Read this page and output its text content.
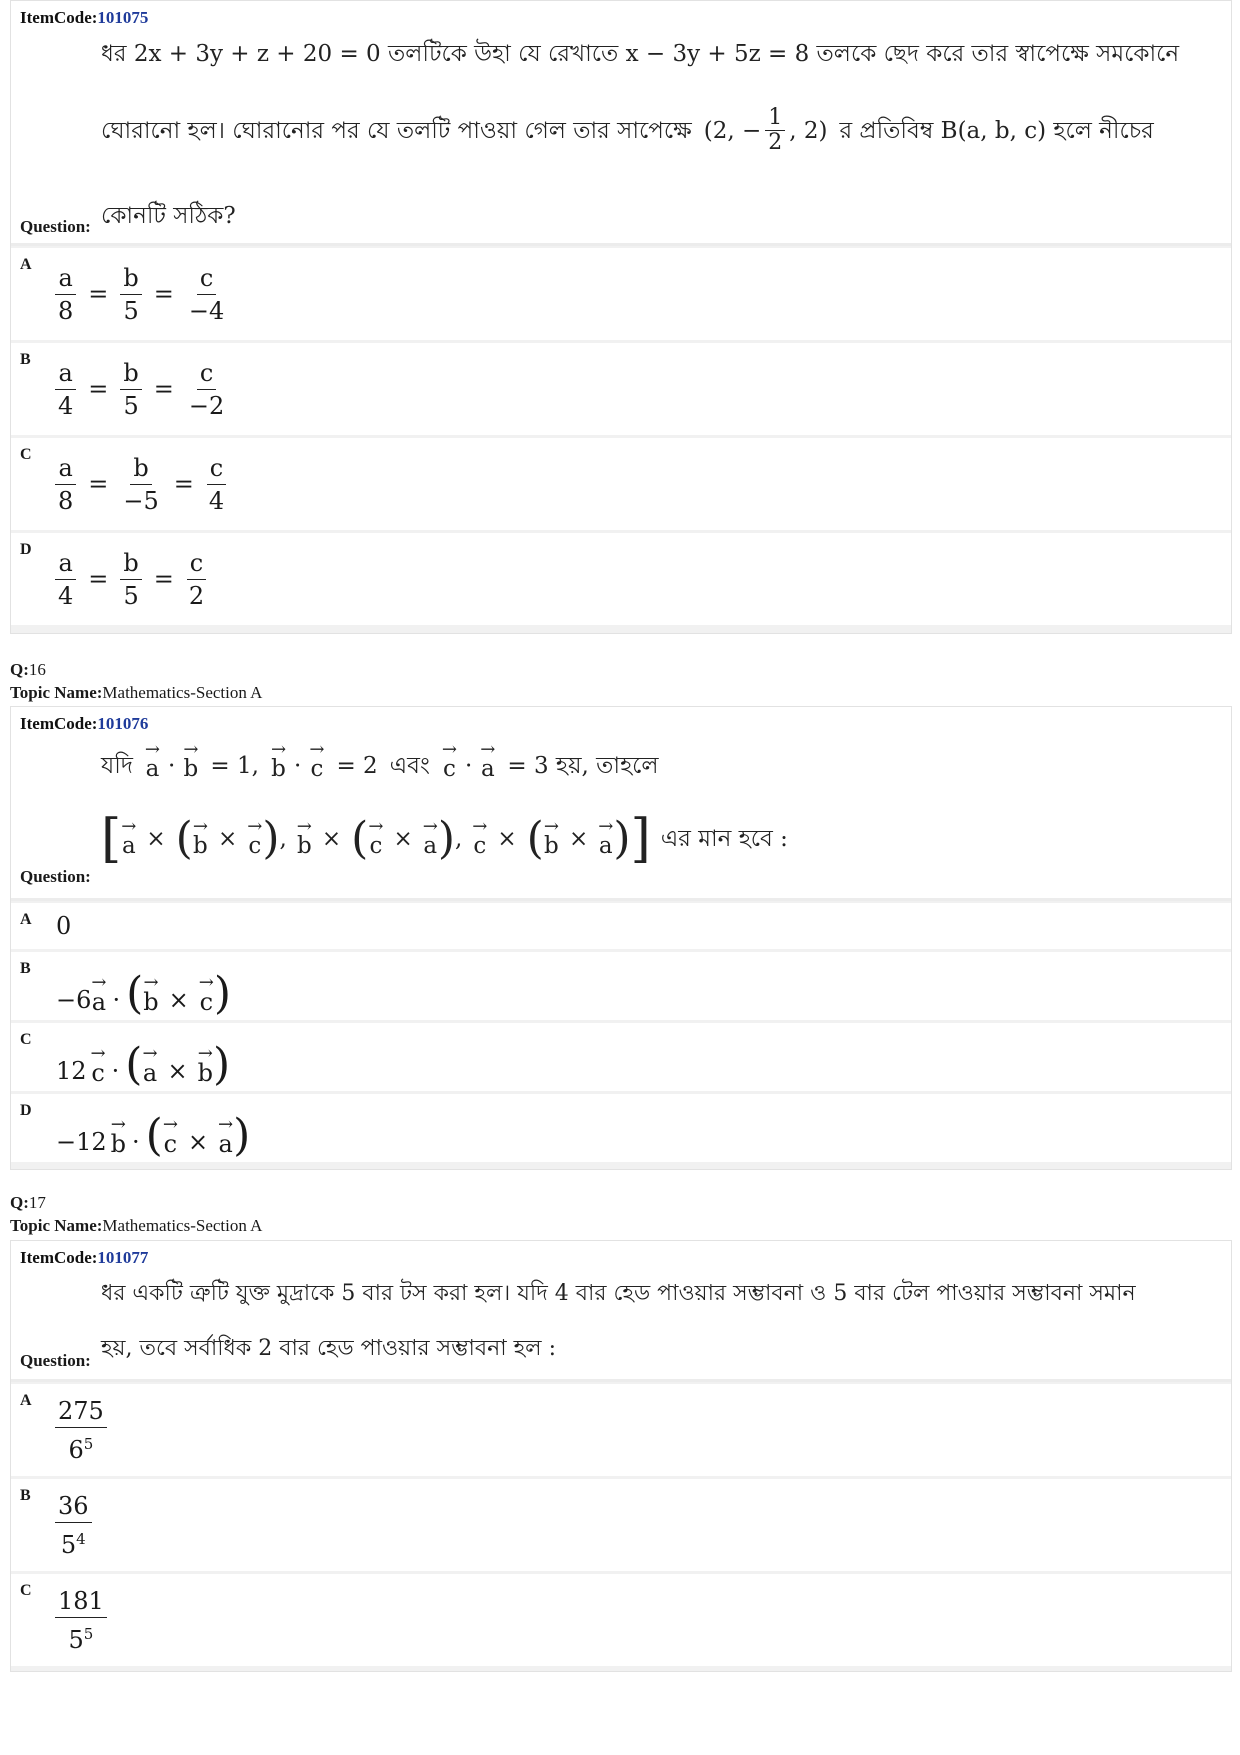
ItemCode:101075
ধর 2x + 3y + z + 20 = 0 তলটিকে উহা যে রেখাতে x − 3y + 5z = 8 তলকে ছেদ করে তার স্বাপেক্ষে সমকোনে
ঘোরানো হল। ঘোরানোর পর যে তলটি পাওয়া গেল তার সাপেক্ষে (2, − $\frac{1}{2}$ , 2) র প্রতিবিম্ব B(a, b, c) হলে নীচের
Question: কোনটি সঠিক?
A $\frac{a}{8} = \frac{b}{5} = \frac{c}{-4}$
B $\frac{a}{4} = \frac{b}{5} = \frac{c}{-2}$
C $\frac{a}{8} = \frac{b}{-5} = \frac{c}{4}$
D $\frac{a}{4} = \frac{b}{5} = \frac{c}{2}$
Q:16
Topic Name:Mathematics-Section A
ItemCode:101076
যদি
→
a ·
→
b = 1,
→
b ·
→
c = 2 এবং
→
c ·
→
a = 3 হয়, তাহলে
[ →
a × ( →
b × →
c ) , →
b × ( →
c × →
a ) , →
c × ( →
b × →
a ) ] এর মান হবে :
Question:
A 0
B
−6
→
a · ( →
b ×
→
c )
C
12
→
c · ( →
a ×
→
b )
D
−12
→
b · ( →
c ×
→
a )
Q:17
Topic Name:Mathematics-Section A
ItemCode:101077
ধর একটি ত্রুটি যুক্ত মুদ্রাকে 5 বার টস করা হল। যদি 4 বার হেড পাওয়ার সম্ভাবনা ও 5 বার টেল পাওয়ার সম্ভাবনা সমান
Question: হয়, তবে সর্বাধিক 2 বার হেড পাওয়ার সম্ভাবনা হল :
A $\frac{275}{6^5}$
B $\frac{36}{5^4}$
C $\frac{181}{5^5}$
